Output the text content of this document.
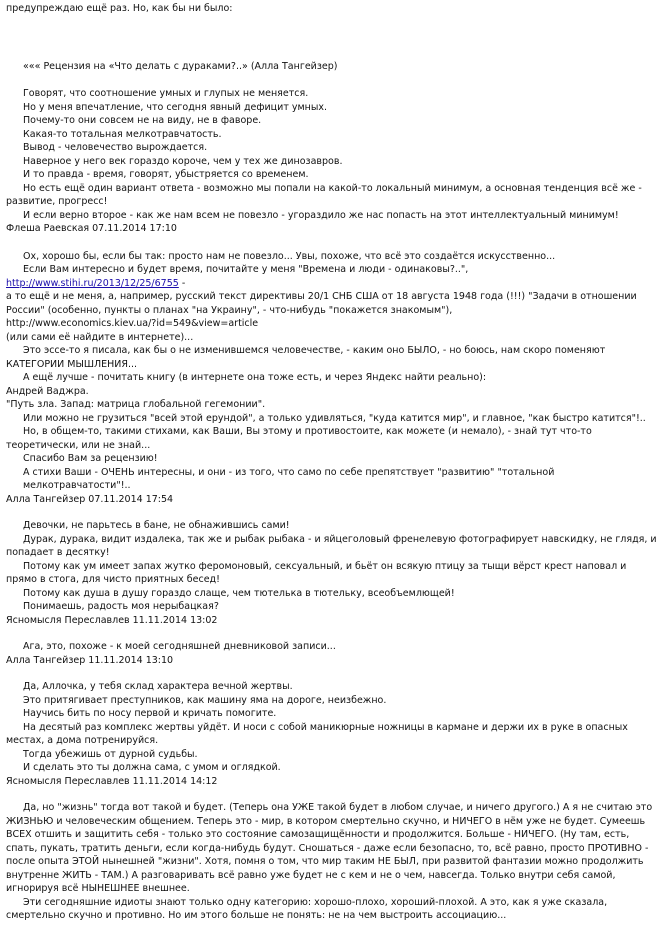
предупреждаю ещё раз. Но, как бы ни было:

««« Рецензия на «Что делать с дураками?..» (Алла Тангейзер)

Говорят, что соотношение умных и глупых не меняется.

Но у меня впечатление, что сегодня явный дефицит умных.

Почему-то они совсем не на виду, не в фаворе.

Какая-то тотальная мелкотравчатость.

Вывод - человечество вырождается.

Наверное у него век гораздо короче, чем у тех же динозавров.

И то правда - время, говорят, убыстряется со временем.

Но есть ещё один вариант ответа - возможно мы попали на какой-то локальный минимум, а основная тенденция всё же - развитие, прогресс!

И если верно второе - как же нам всем не повезло - угораздило же нас попасть на этот интеллектуальный минимум!

Флеша Раевская 07.11.2014 17:10

Ох, хорошо бы, если бы так: просто нам не повезло... Увы, похоже, что всё это создаётся искусственно...

Если Вам интересно и будет время, почитайте у меня "Времена и люди - одинаковы?..",

http://www.stihi.ru/2013/12/25/6755 -

а то ещё и не меня, а, например, русский текст директивы 20/1 СНБ США от 18 августа 1948 года (!!!) "Задачи в отношении России" (особенно, пункты о планах "на Украину", - что-нибудь "покажется знакомым"),

http://www.economics.kiev.ua/?id=549&view=article

(или сами её найдите в интернете)...

Это эссе-то я писала, как бы о не изменившемся человечестве, - каким оно БЫЛО, - но боюсь, нам скоро поменяют КАТЕГОРИИ МЫШЛЕНИЯ...

А ещё лучше - почитать книгу (в интернете она тоже есть, и через Яндекс найти реально):

Андрей Ваджра.

"Путь зла. Запад: матрица глобальной гегемонии".

Или можно не грузиться "всей этой ерундой", а только удивляться, "куда катится мир", и главное, "как быстро катится"!..

Но, в общем-то, такими стихами, как Ваши, Вы этому и противостоите, как можете (и немало), - знай тут что-то теоретически, или не знай...

Спасибо Вам за рецензию!

А стихи Ваши - ОЧЕНЬ интересны, и они - из того, что само по себе препятствует "развитию" "тотальной мелкотравчатости"!..

Алла Тангейзер 07.11.2014 17:54

Девочки, не парьтесь в бане, не обнажившись сами!

Дурак, дурака, видит издалека, так же и рыбак рыбака - и яйцеголовый френелевую фотографирует навскидку, не глядя, и попадает в десятку!

Потому как ум имеет запах жутко феромоновый, сексуальный, и бьёт он всякую птицу за тыщи вёрст крест наповал и прямо в стога, для чисто приятных бесед!

Потому как душа в душу гораздо слаще, чем тютелька в тютельку, всеобъемлющей!

Понимаешь, радость моя нерыбацкая?

Ясномысля Переславлев 11.11.2014 13:02

Ага, это, похоже - к моей сегодняшней дневниковой записи...

Алла Тангейзер 11.11.2014 13:10

Да, Аллочка, у тебя склад характера вечной жертвы.

Это притягивает преступников, как машину яма на дороге, неизбежно.

Научись бить по носу первой и кричать помогите.

На десятый раз комплекс жертвы уйдёт. И носи с собой маникюрные ножницы в кармане и держи их в руке в опасных местах, а дома потренируйся.

Тогда убежишь от дурной судьбы.

И сделать это ты должна сама, с умом и оглядкой.

Ясномысля Переславлев 11.11.2014 14:12

Да, но "жизнь" тогда вот такой и будет. (Теперь она УЖЕ такой будет в любом случае, и ничего другого.) А я не считаю это ЖИЗНЬЮ и человеческим общением. Теперь это - мир, в котором смертельно скучно, и НИЧЕГО в нём уже не будет. Сумеешь ВСЕХ отшить и защитить себя - только это состояние самозащищённости и продолжится. Больше - НИЧЕГО. (Ну там, есть, спать, пукать, тратить деньги, если когда-нибудь будут. Сношаться - даже если безопасно, то, всё равно, просто ПРОТИВНО - после опыта ЭТОЙ нынешней "жизни". Хотя, помня о том, что мир таким НЕ БЫЛ, при развитой фантазии можно продолжить внутренне ЖИТЬ - ТАМ.) А разговаривать всё равно уже будет не с кем и не о чем, навсегда. Только внутри себя самой, игнорируя всё НЫНЕШНЕЕ внешнее.

Эти сегодняшние идиоты знают только одну категорию: хорошо-плохо, хороший-плохой. А это, как я уже сказала, смертельно скучно и противно. Но им этого больше не понять: не на чем выстроить ассоциацию...
